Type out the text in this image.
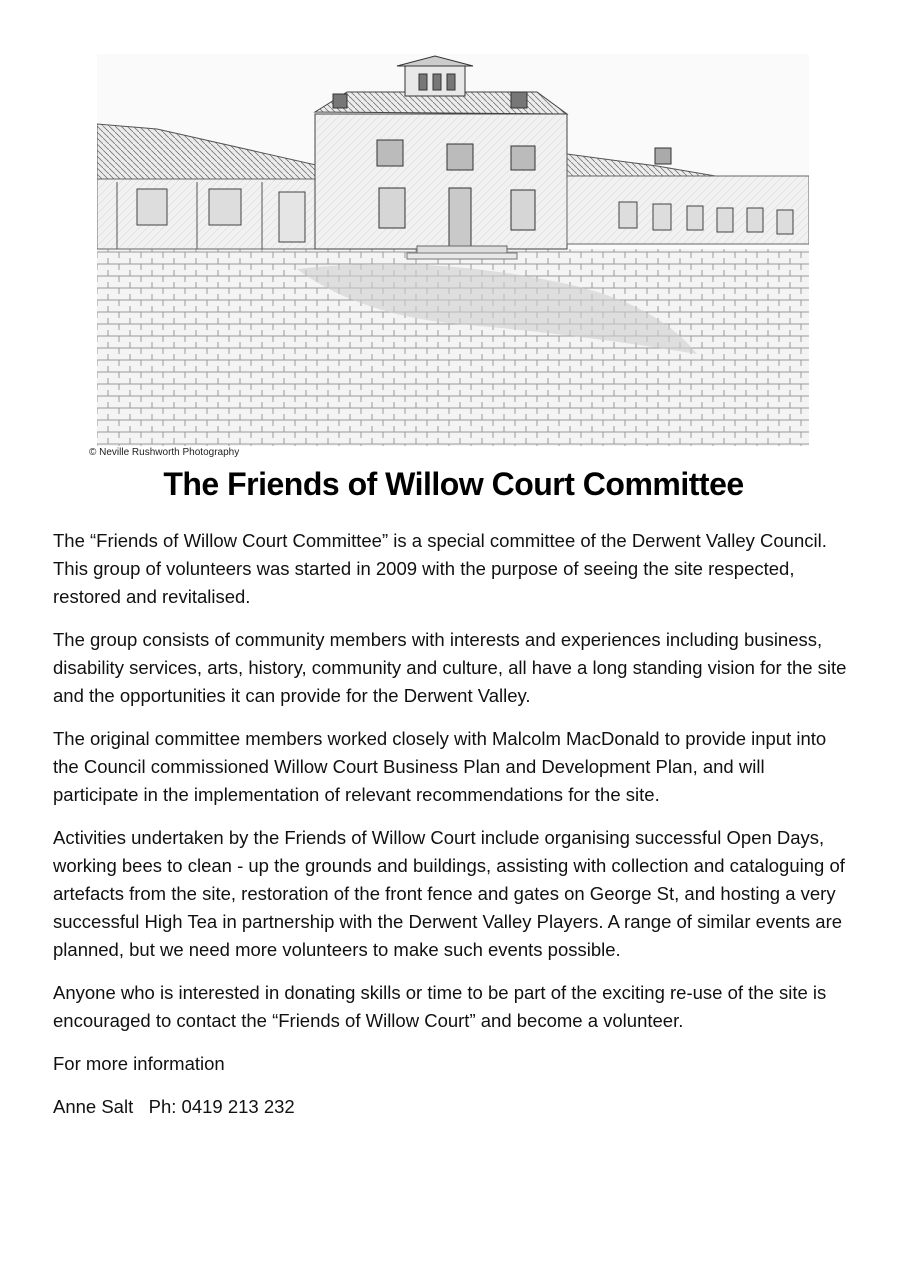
© Neville Rushworth Photography
The Friends of Willow Court Committee

The “Friends of Willow Court Committee” is a special committee of the Derwent Valley Council. This group of volunteers was started in 2009 with the purpose of seeing the site respected, restored and revitalised.

The group consists of community members with interests and experiences including business, disability services, arts, history, community and culture, all have a long standing vision for the site and the opportunities it can provide for the Derwent Valley.

The original committee members worked closely with Malcolm MacDonald to provide input into the Council commissioned Willow Court Business Plan and Development Plan, and will participate in the implementation of relevant recommendations for the site.

Activities undertaken by the Friends of Willow Court include organising successful Open Days, working bees to clean - up the grounds and buildings, assisting with collection and cataloguing of artefacts from the site, restoration of the front fence and gates on George St, and hosting a very successful High Tea in partnership with the Derwent Valley Players. A range of similar events are planned, but we need more volunteers to make such events possible.

Anyone who is interested in donating skills or time to be part of the exciting re-use of the site is encouraged to contact the “Friends of Willow Court” and become a volunteer.

For more information

Anne Salt   Ph: 0419 213 232
